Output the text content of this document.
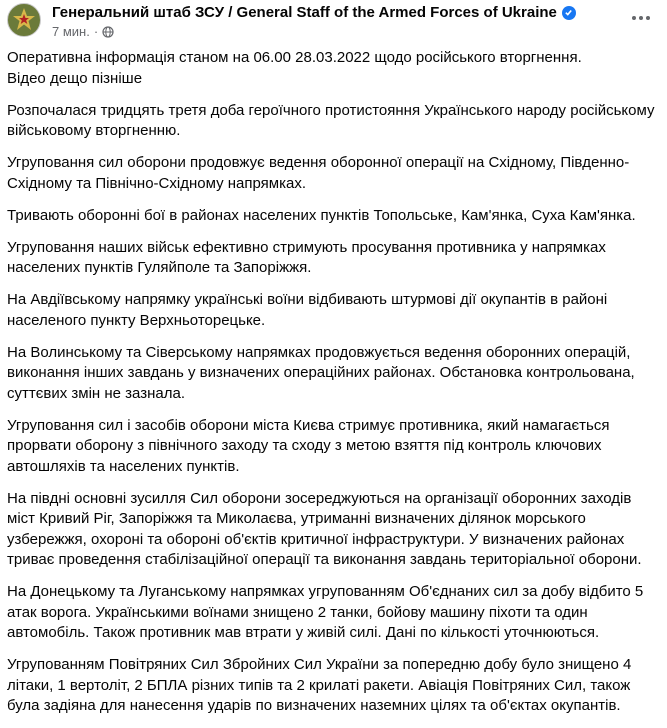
Генеральний штаб ЗСУ / General Staff of the Armed Forces of Ukraine
7 мин. ·
Оперативна інформація станом на 06.00 28.03.2022 щодо російського вторгнення.
Відео дещо пізніше
Розпочалася тридцять третя доба героїчного протистояння Українського народу російському
військовому вторгненню.
Угруповання сил оборони продовжує ведення оборонної операції на Східному, Південно-
Східному та Північно-Східному напрямках.
Тривають оборонні бої в районах населених пунктів Топольське, Кам'янка, Суха Кам'янка.
Угруповання наших військ ефективно стримують просування противника у напрямках
населених пунктів Гуляйполе та Запоріжжя.
На Авдіївському напрямку українські воїни відбивають штурмові дії окупантів в районі
населеного пункту Верхньоторецьке.
На Волинському та Сіверському напрямках продовжується ведення оборонних операцій,
виконання інших завдань у визначених операційних районах. Обстановка контрольована,
суттєвих змін не зазнала.
Угруповання сил і засобів оборони міста Києва стримує противника, який намагається
прорвати оборону з північного заходу та сходу з метою взяття під контроль ключових
автошляхів та населених пунктів.
На півдні основні зусилля Сил оборони зосереджуються на організації оборонних заходів
міст Кривий Ріг, Запоріжжя та Миколаєва, утриманні визначених ділянок морського
узбережжя, охороні та обороні об'єктів критичної інфраструктури. У визначених районах
триває проведення стабілізаційної операції та виконання завдань територіальної оборони.
На Донецькому та Луганському напрямках угрупованням Об'єднаних сил за добу відбито 5
атак ворога. Українськими воїнами знищено 2 танки, бойову машину піхоти та один
автомобіль. Також противник мав втрати у живій силі. Дані по кількості уточнюються.
Угрупованням Повітряних Сил Збройних Сил України за попередню добу було знищено 4
літаки, 1 вертоліт, 2 БПЛА різних типів та 2 крилаті ракети. Авіація Повітряних Сил, також
була задіяна для нанесення ударів по визначених наземних цілях та об'єктах окупантів.
